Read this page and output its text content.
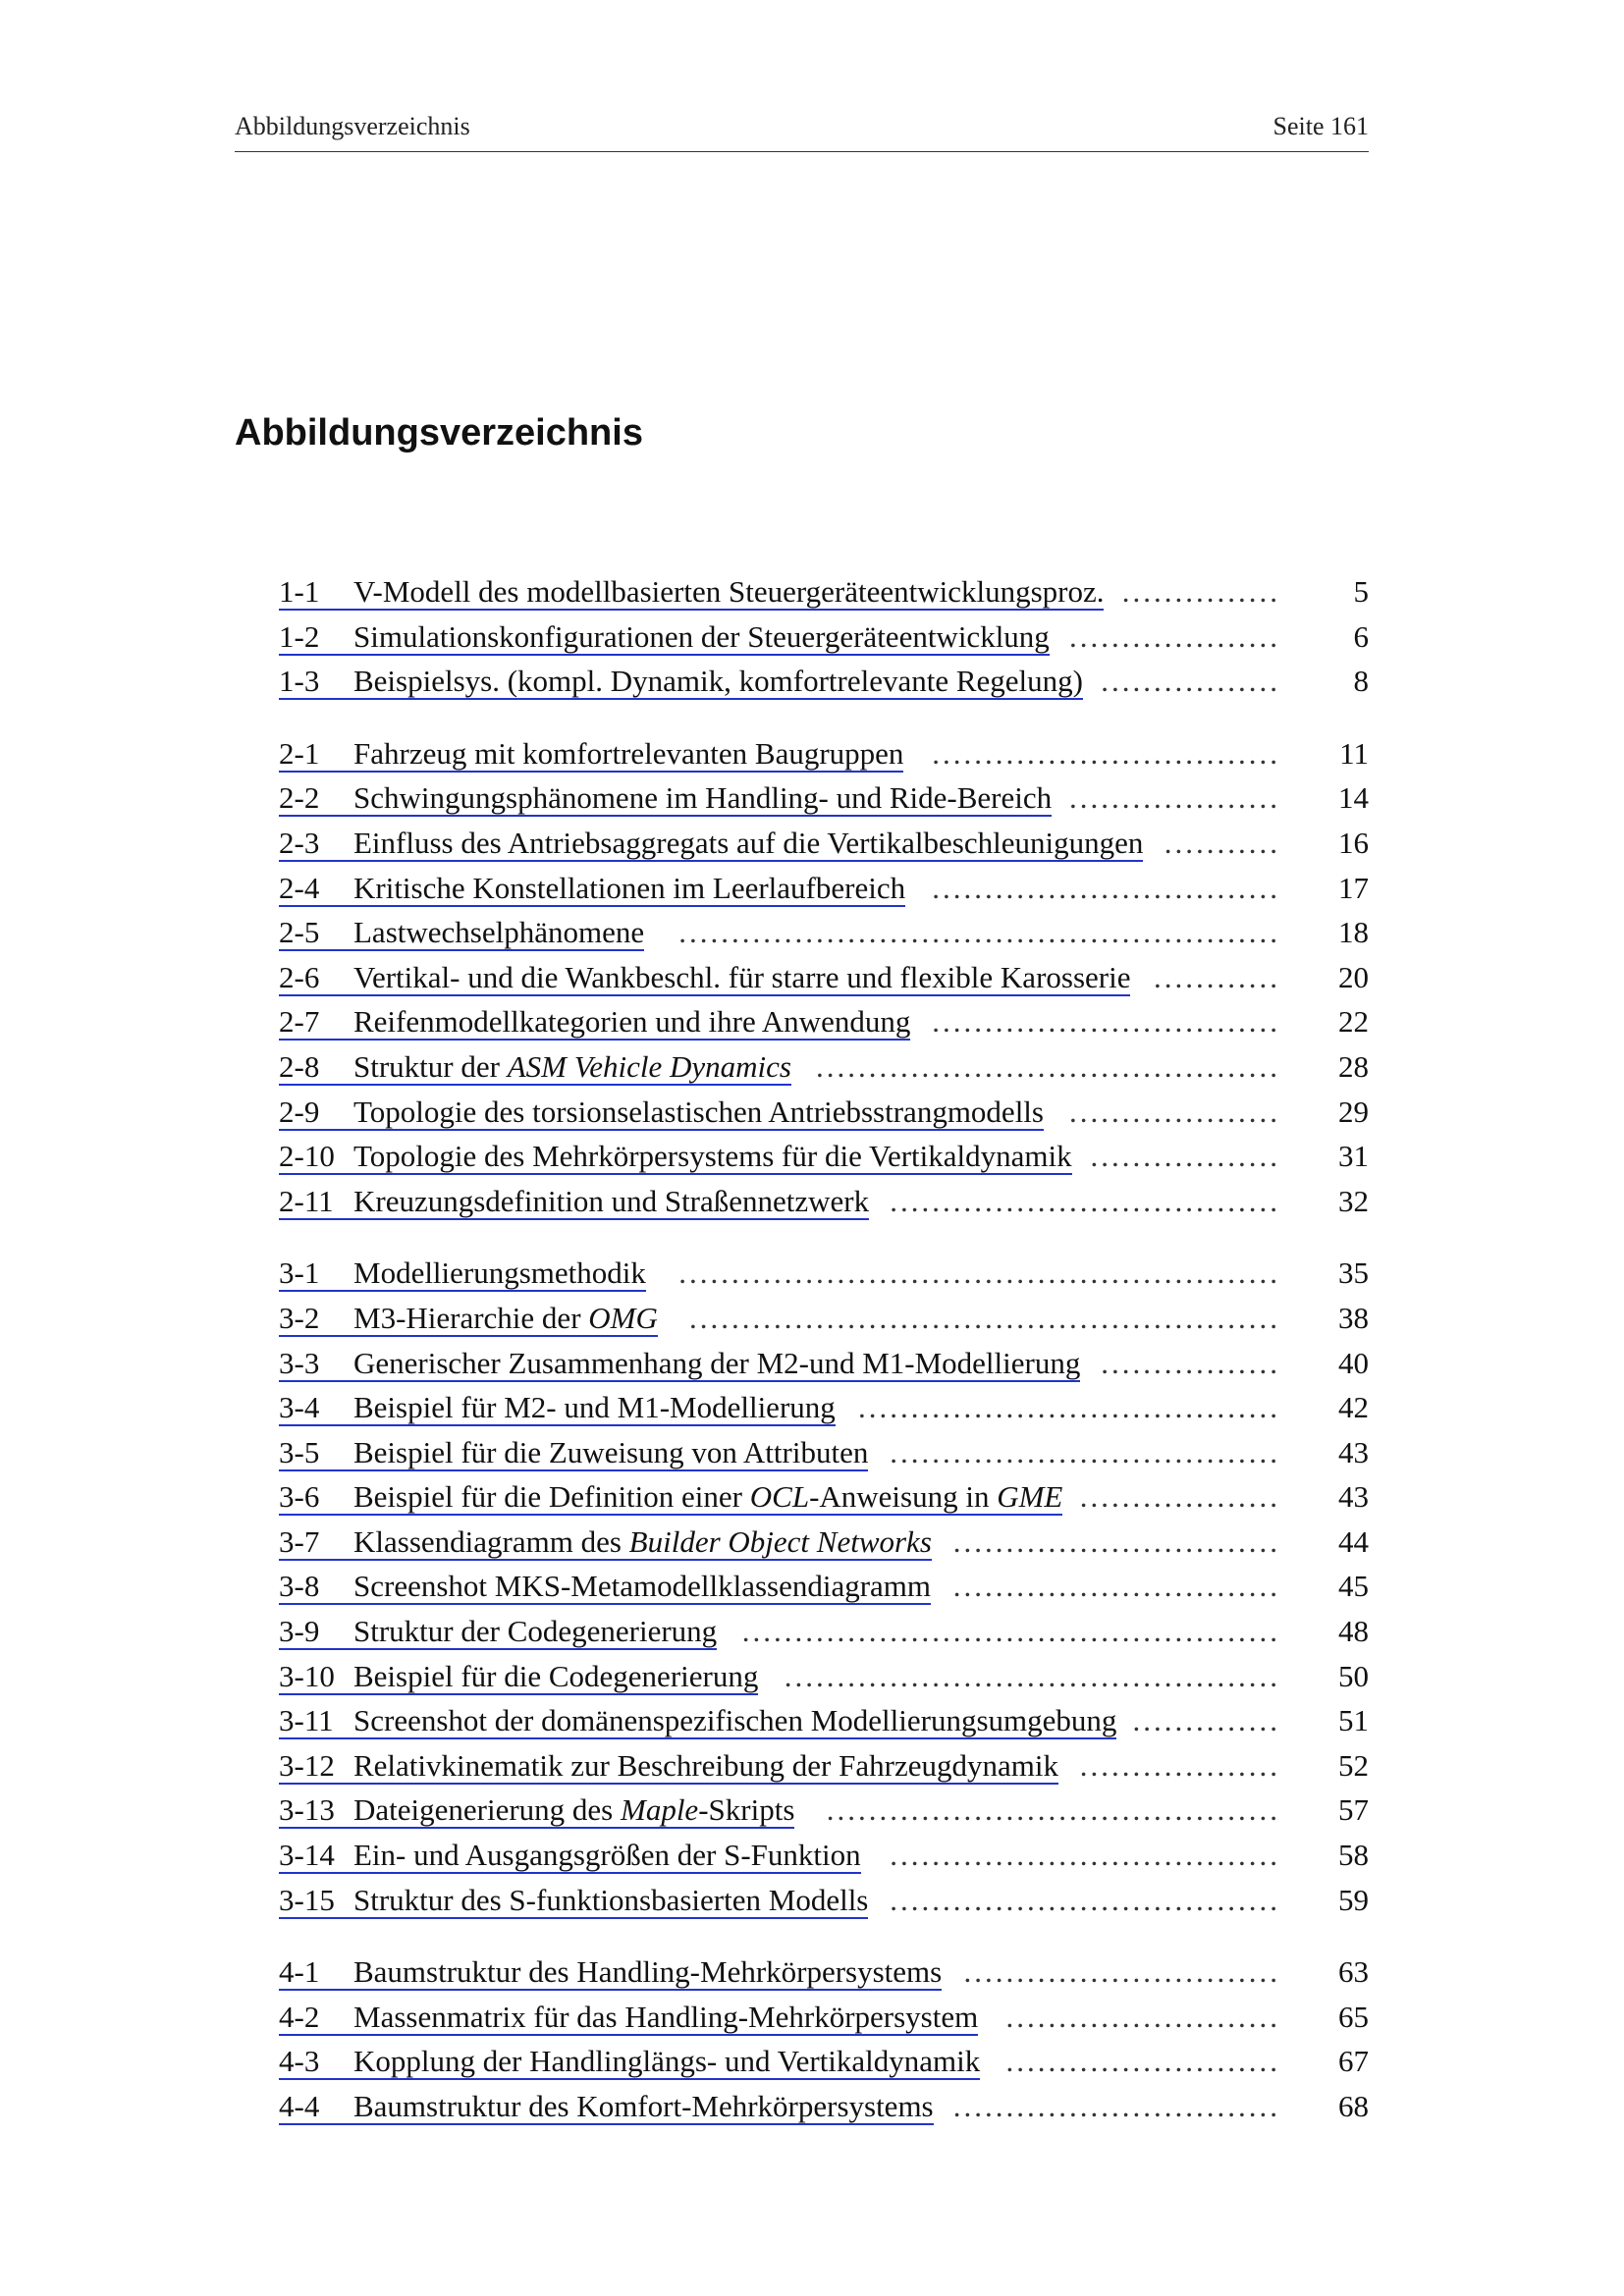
Abbildungsverzeichnis	Seite 161
Abbildungsverzeichnis
1-1 V-Modell des modellbasierten Steuergeräteentwicklungsproz.	5
...............
1-2 Simulationskonfigurationen der Steuergeräteentwicklung	6
....................
1-3 Beispielsys. (kompl. Dynamik, komfortrelevante Regelung)	8
.................
2-1 Fahrzeug mit komfortrelevanten Baugruppen	11
.................................
2-2 Schwingungsphänomene im Handling- und Ride-Bereich	14
....................
2-3 Einfluss des Antriebsaggregats auf die Vertikalbeschleunigungen	16
...........
2-4 Kritische Konstellationen im Leerlaufbereich	17
.................................
2-5 Lastwechselphänomene	18
.........................................................
2-6 Vertikal- und die Wankbeschl. für starre und flexible Karosserie	20
............
2-7 Reifenmodellkategorien und ihre Anwendung	22
.................................
2-8 Struktur der ASM Vehicle Dynamics	28
............................................
2-9 Topologie des torsionselastischen Antriebsstrangmodells	29
....................
2-10 Topologie des Mehrkörpersystems für die Vertikaldynamik	31
..................
2-11 Kreuzungsdefinition und Straßennetzwerk	32
.....................................
3-1 Modellierungsmethodik	35
.........................................................
3-2 M3-Hierarchie der OMG	38
........................................................
3-3 Generischer Zusammenhang der M2-und M1-Modellierung	40
.................
3-4 Beispiel für M2- und M1-Modellierung	42
........................................
3-5 Beispiel für die Zuweisung von Attributen	43
.....................................
3-6 Beispiel für die Definition einer OCL-Anweisung in GME	43
...................
3-7 Klassendiagramm des Builder Object Networks	44
...............................
3-8 Screenshot MKS-Metamodellklassendiagramm	45
...............................
3-9 Struktur der Codegenerierung	48
...................................................
3-10 Beispiel für die Codegenerierung	50
...............................................
3-11 Screenshot der domänenspezifischen Modellierungsumgebung	51
..............
3-12 Relativkinematik zur Beschreibung der Fahrzeugdynamik	52
...................
3-13 Dateigenerierung des Maple-Skripts	57
...........................................
3-14 Ein- und Ausgangsgrößen der S-Funktion	58
.....................................
3-15 Struktur des S-funktionsbasierten Modells	59
.....................................
4-1 Baumstruktur des Handling-Mehrkörpersystems	63
..............................
4-2 Massenmatrix für das Handling-Mehrkörpersystem	65
..........................
4-3 Kopplung der Handlinglängs- und Vertikaldynamik	67
..........................
4-4 Baumstruktur des Komfort-Mehrkörpersystems	68
...............................
